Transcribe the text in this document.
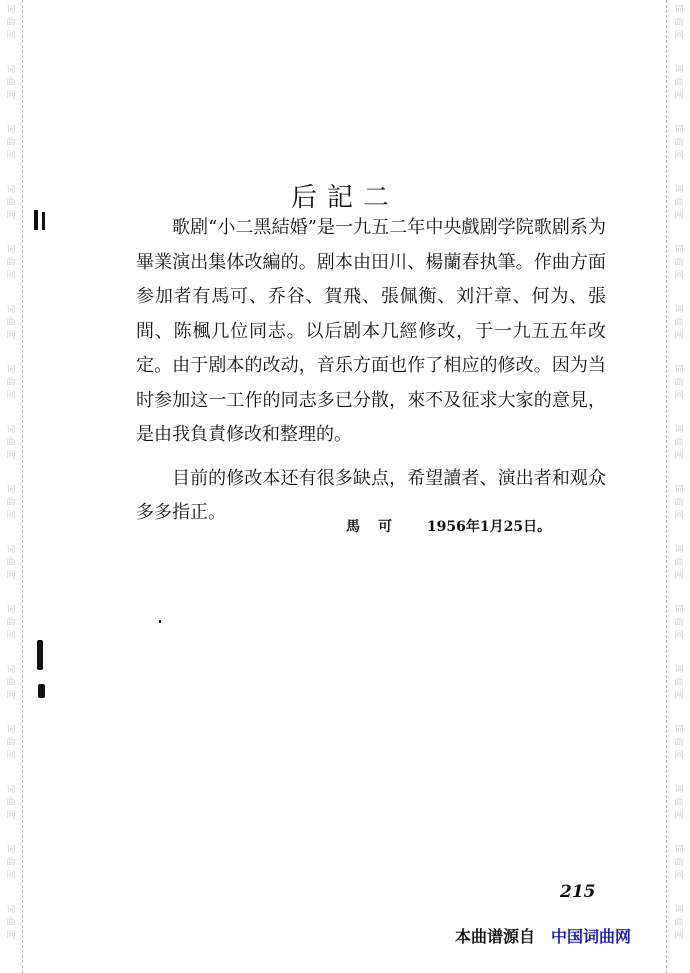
词
曲
网
词
曲
网
词
曲
网
词
曲
网
词
曲
网
词
曲
网
词
曲
网
词
曲
网
词
曲
网
词
曲
网
词
曲
网
词
曲
网
词
曲
网
词
曲
网
词
曲
网
词
曲
网
词
曲
网
词
曲
网
词
曲
网
词
曲
网
词
曲
网
词
曲
网
词
曲
网
词
曲
网
词
曲
网
词
曲
网
词
曲
网
词
曲
网
词
曲
网
词
曲
网
词
曲
网
词
曲
网
后記二

歌剧“小二黑結婚”是一九五二年中央戲剧学院歌剧系为畢業演出集体改編的。剧本由田川、楊蘭春执筆。作曲方面参加者有馬可、乔谷、賀飛、張佩衡、刘汗章、何为、張間、陈楓几位同志。以后剧本几經修改，于一九五五年改定。由于剧本的改动，音乐方面也作了相应的修改。因为当时参加这一工作的同志多已分散，來不及征求大家的意見，是由我負責修改和整理的。

目前的修改本还有很多缺点，希望讀者、演出者和观众多多指正。

馬可 1956年1月25日。
215
本曲谱源自 中国词曲网
